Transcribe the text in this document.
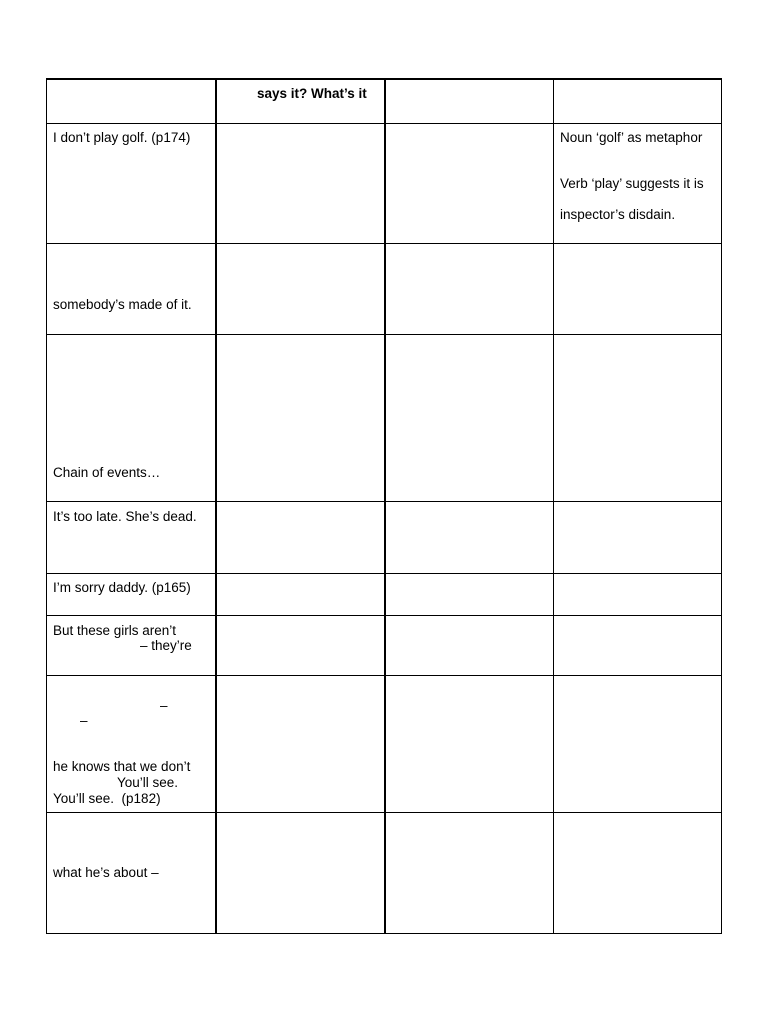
says it? What’s it
I don’t play golf. (p174)	Noun ‘golf’ as metaphor
Verb ‘play’ suggests it is
inspector’s disdain.
somebody’s made of it.
Chain of events…
It’s too late. She’s dead.
I’m sorry daddy. (p165)
But these girls aren’t
– they’re
–
–
he knows that we don’t
You’ll see.
You’ll see.  (p182)
what he’s about –
